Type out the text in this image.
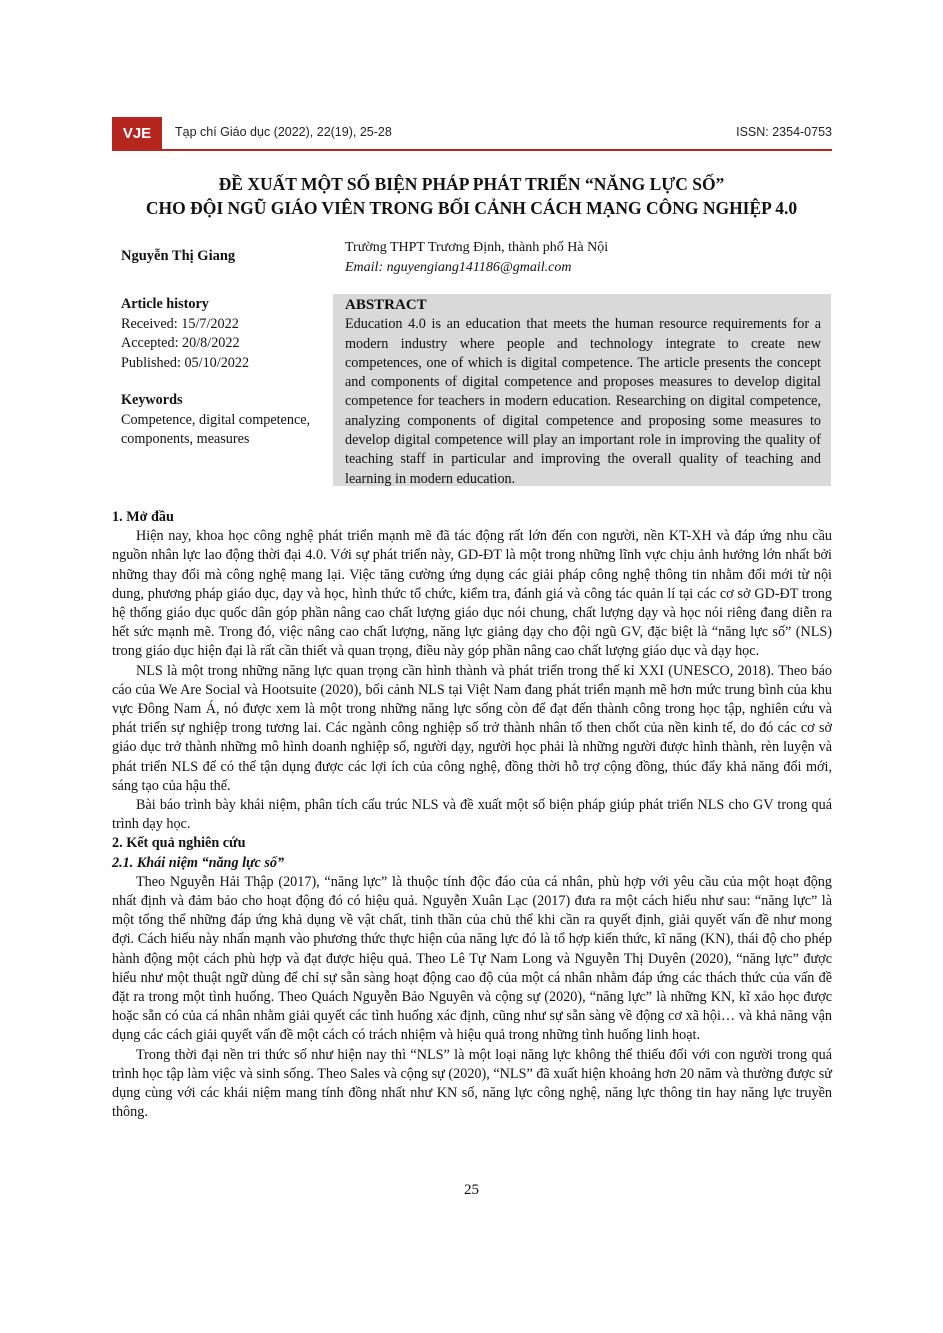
VJE	Tạp chí Giáo dục (2022), 22(19), 25-28	ISSN: 2354-0753
ĐỀ XUẤT MỘT SỐ BIỆN PHÁP PHÁT TRIỂN “NĂNG LỰC SỐ”
CHO ĐỘI NGŨ GIÁO VIÊN TRONG BỐI CẢNH CÁCH MẠNG CÔNG NGHIỆP 4.0
Nguyễn Thị Giang
Trường THPT Trương Định, thành phố Hà Nội
Email: nguyengiang141186@gmail.com
Article history
Received: 15/7/2022
Accepted: 20/8/2022
Published: 05/10/2022
Keywords
Competence, digital competence, components, measures
ABSTRACT
Education 4.0 is an education that meets the human resource requirements for a modern industry where people and technology integrate to create new competences, one of which is digital competence. The article presents the concept and components of digital competence and proposes measures to develop digital competence for teachers in modern education. Researching on digital competence, analyzing components of digital competence and proposing some measures to develop digital competence will play an important role in improving the quality of teaching staff in particular and improving the overall quality of teaching and learning in modern education.
1. Mở đầu

Hiện nay, khoa học công nghệ phát triển mạnh mẽ đã tác động rất lớn đến con người, nền KT-XH và đáp ứng nhu cầu nguồn nhân lực lao động thời đại 4.0. Với sự phát triển này, GD-ĐT là một trong những lĩnh vực chịu ảnh hưởng lớn nhất bởi những thay đổi mà công nghệ mang lại. Việc tăng cường ứng dụng các giải pháp công nghệ thông tin nhằm đổi mới từ nội dung, phương pháp giáo dục, dạy và học, hình thức tổ chức, kiểm tra, đánh giá và công tác quản lí tại các cơ sở GD-ĐT trong hệ thống giáo dục quốc dân góp phần nâng cao chất lượng giáo dục nói chung, chất lượng dạy và học nói riêng đang diễn ra hết sức mạnh mẽ. Trong đó, việc nâng cao chất lượng, năng lực giảng dạy cho đội ngũ GV, đặc biệt là “năng lực số” (NLS) trong giáo dục hiện đại là rất cần thiết và quan trọng, điều này góp phần nâng cao chất lượng giáo dục và dạy học.

NLS là một trong những năng lực quan trọng cần hình thành và phát triển trong thế kỉ XXI (UNESCO, 2018). Theo báo cáo của We Are Social và Hootsuite (2020), bối cảnh NLS tại Việt Nam đang phát triển mạnh mẽ hơn mức trung bình của khu vực Đông Nam Á, nó được xem là một trong những năng lực sống còn để đạt đến thành công trong học tập, nghiên cứu và phát triển sự nghiệp trong tương lai. Các ngành công nghiệp số trở thành nhân tố then chốt của nền kinh tế, do đó các cơ sở giáo dục trở thành những mô hình doanh nghiệp số, người dạy, người học phải là những người được hình thành, rèn luyện và phát triển NLS để có thể tận dụng được các lợi ích của công nghệ, đồng thời hỗ trợ cộng đồng, thúc đẩy khả năng đổi mới, sáng tạo của hậu thế.

Bài báo trình bày khái niệm, phân tích cấu trúc NLS và đề xuất một số biện pháp giúp phát triển NLS cho GV trong quá trình dạy học.

2. Kết quả nghiên cứu
2.1. Khái niệm “năng lực số”

Theo Nguyễn Hải Thập (2017), “năng lực” là thuộc tính độc đáo của cá nhân, phù hợp với yêu cầu của một hoạt động nhất định và đảm bảo cho hoạt động đó có hiệu quả. Nguyễn Xuân Lạc (2017) đưa ra một cách hiểu như sau: “năng lực” là một tổng thể những đáp ứng khả dụng về vật chất, tinh thần của chủ thể khi cần ra quyết định, giải quyết vấn đề như mong đợi. Cách hiểu này nhấn mạnh vào phương thức thực hiện của năng lực đó là tổ hợp kiến thức, kĩ năng (KN), thái độ cho phép hành động một cách phù hợp và đạt được hiệu quả. Theo Lê Tự Nam Long và Nguyễn Thị Duyên (2020), “năng lực” được hiểu như một thuật ngữ dùng để chỉ sự sẵn sàng hoạt động cao độ của một cá nhân nhằm đáp ứng các thách thức của vấn đề đặt ra trong một tình huống. Theo Quách Nguyễn Bảo Nguyên và cộng sự (2020), “năng lực” là những KN, kĩ xảo học được hoặc sẵn có của cá nhân nhằm giải quyết các tình huống xác định, cũng như sự sẵn sàng về động cơ xã hội… và khả năng vận dụng các cách giải quyết vấn đề một cách có trách nhiệm và hiệu quả trong những tình huống linh hoạt.

Trong thời đại nền tri thức số như hiện nay thì “NLS” là một loại năng lực không thể thiếu đối với con người trong quá trình học tập làm việc và sinh sống. Theo Sales và cộng sự (2020), “NLS” đã xuất hiện khoảng hơn 20 năm và thường được sử dụng cùng với các khái niệm mang tính đồng nhất như KN số, năng lực công nghệ, năng lực thông tin hay năng lực truyền thông.

25
